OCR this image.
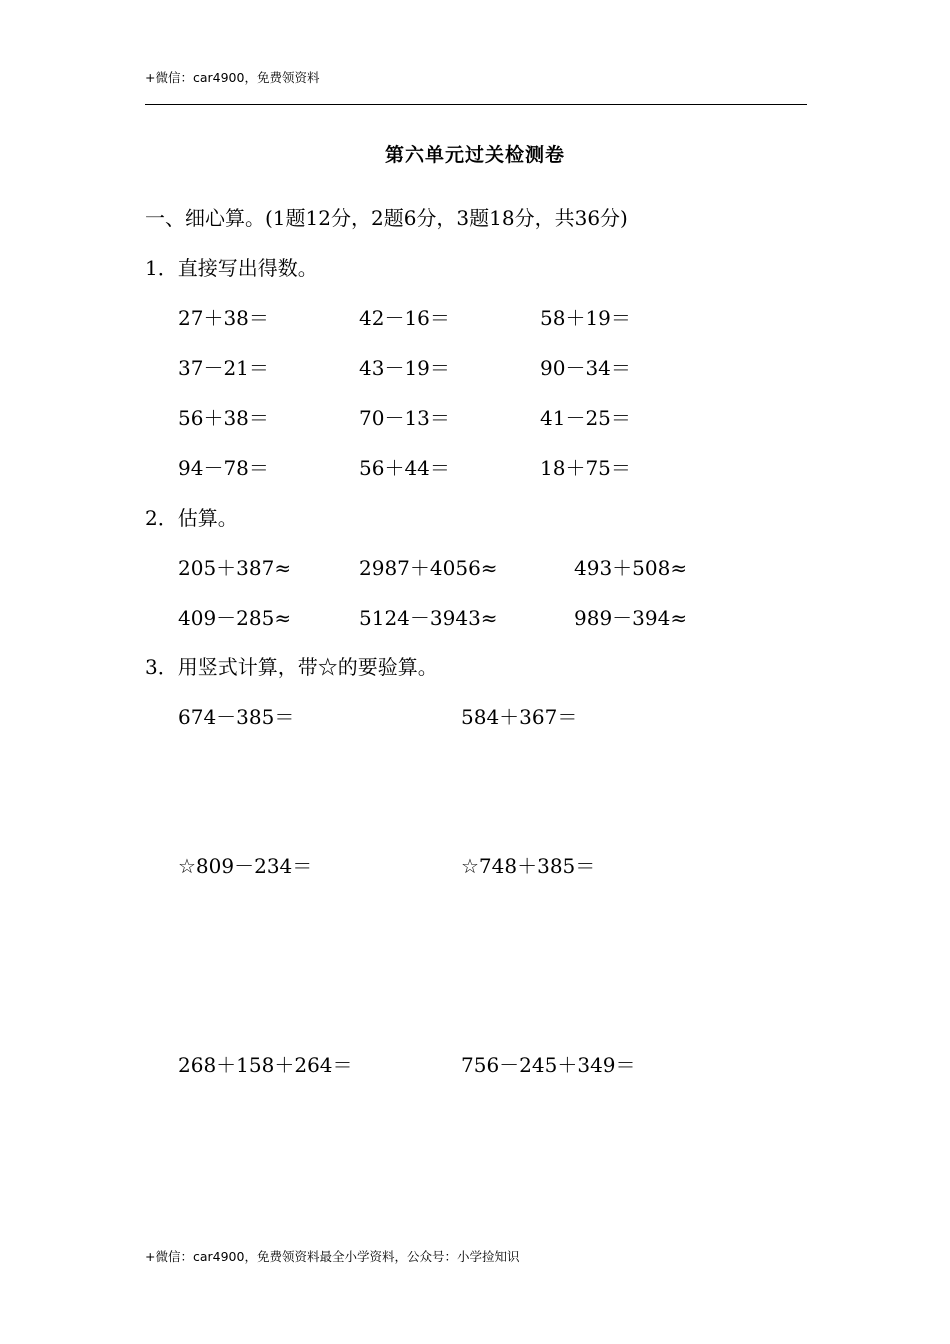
+微信：car4900，免费领资料
第六单元过关检测卷
一、细心算。(1题12分，2题6分，3题18分，共36分)
1．直接写出得数。
27＋38＝	42－16＝	58＋19＝
37－21＝	43－19＝	90－34＝
56＋38＝	70－13＝	41－25＝
94－78＝	56＋44＝	18＋75＝
2．估算。
205＋387≈	2987＋4056≈	493＋508≈
409－285≈	5124－3943≈	989－394≈
3．用竖式计算，带☆的要验算。
674－385＝	584＋367＝
☆809－234＝	☆748＋385＝
268＋158＋264＝	756－245＋349＝
+微信：car4900，免费领资料最全小学资料，公众号：小学捡知识
